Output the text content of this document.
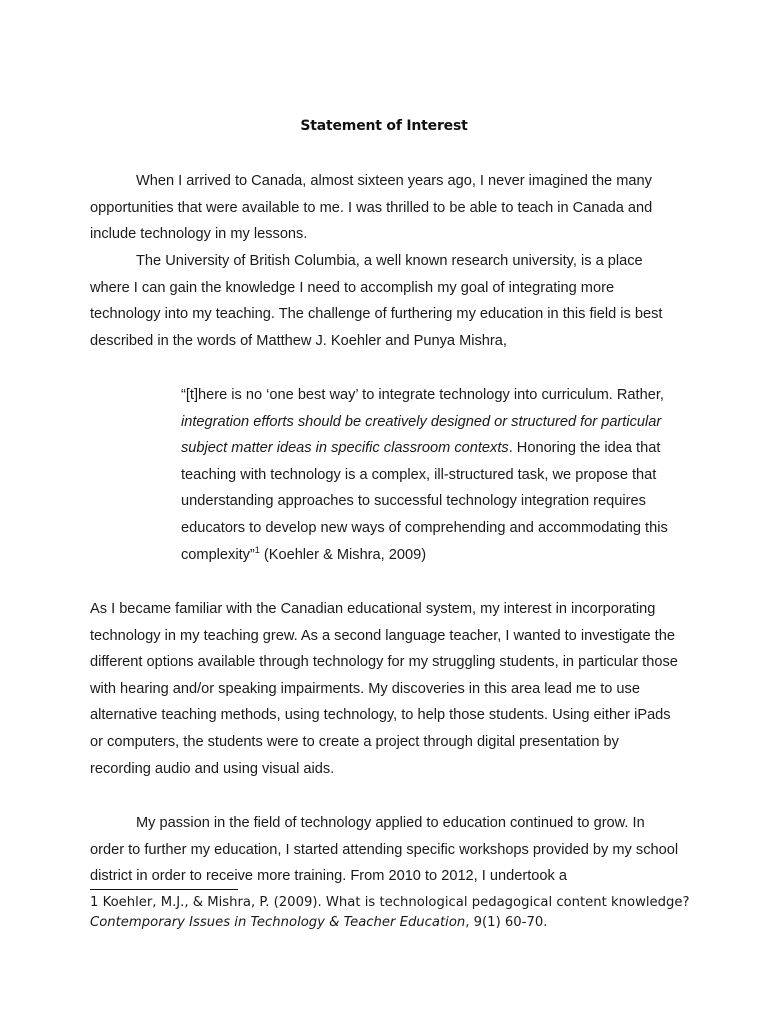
Statement of Interest

When I arrived to Canada, almost sixteen years ago, I never imagined the many opportunities that were available to me. I was thrilled to be able to teach in Canada and include technology in my lessons.

The University of British Columbia, a well known research university, is a place where I can gain the knowledge I need to accomplish my goal of integrating more technology into my teaching. The challenge of furthering my education in this field is best described in the words of Matthew J. Koehler and Punya Mishra,

“[t]here is no ‘one best way’ to integrate technology into curriculum. Rather, integration efforts should be creatively designed or structured for particular subject matter ideas in specific classroom contexts. Honoring the idea that teaching with technology is a complex, ill-structured task, we propose that understanding approaches to successful technology integration requires educators to develop new ways of comprehending and accommodating this complexity”$^1$ (Koehler & Mishra, 2009)

As I became familiar with the Canadian educational system, my interest in incorporating technology in my teaching grew. As a second language teacher, I wanted to investigate the different options available through technology for my struggling students, in particular those with hearing and/or speaking impairments. My discoveries in this area lead me to use alternative teaching methods, using technology, to help those students. Using either iPads or computers, the students were to create a project through digital presentation by recording audio and using visual aids.

My passion in the field of technology applied to education continued to grow. In order to further my education, I started attending specific workshops provided by my school district in order to receive more training. From 2010 to 2012, I undertook a

1 Koehler, M.J., & Mishra, P. (2009). What is technological pedagogical content knowledge? Contemporary Issues in Technology & Teacher Education, 9(1) 60-70.
